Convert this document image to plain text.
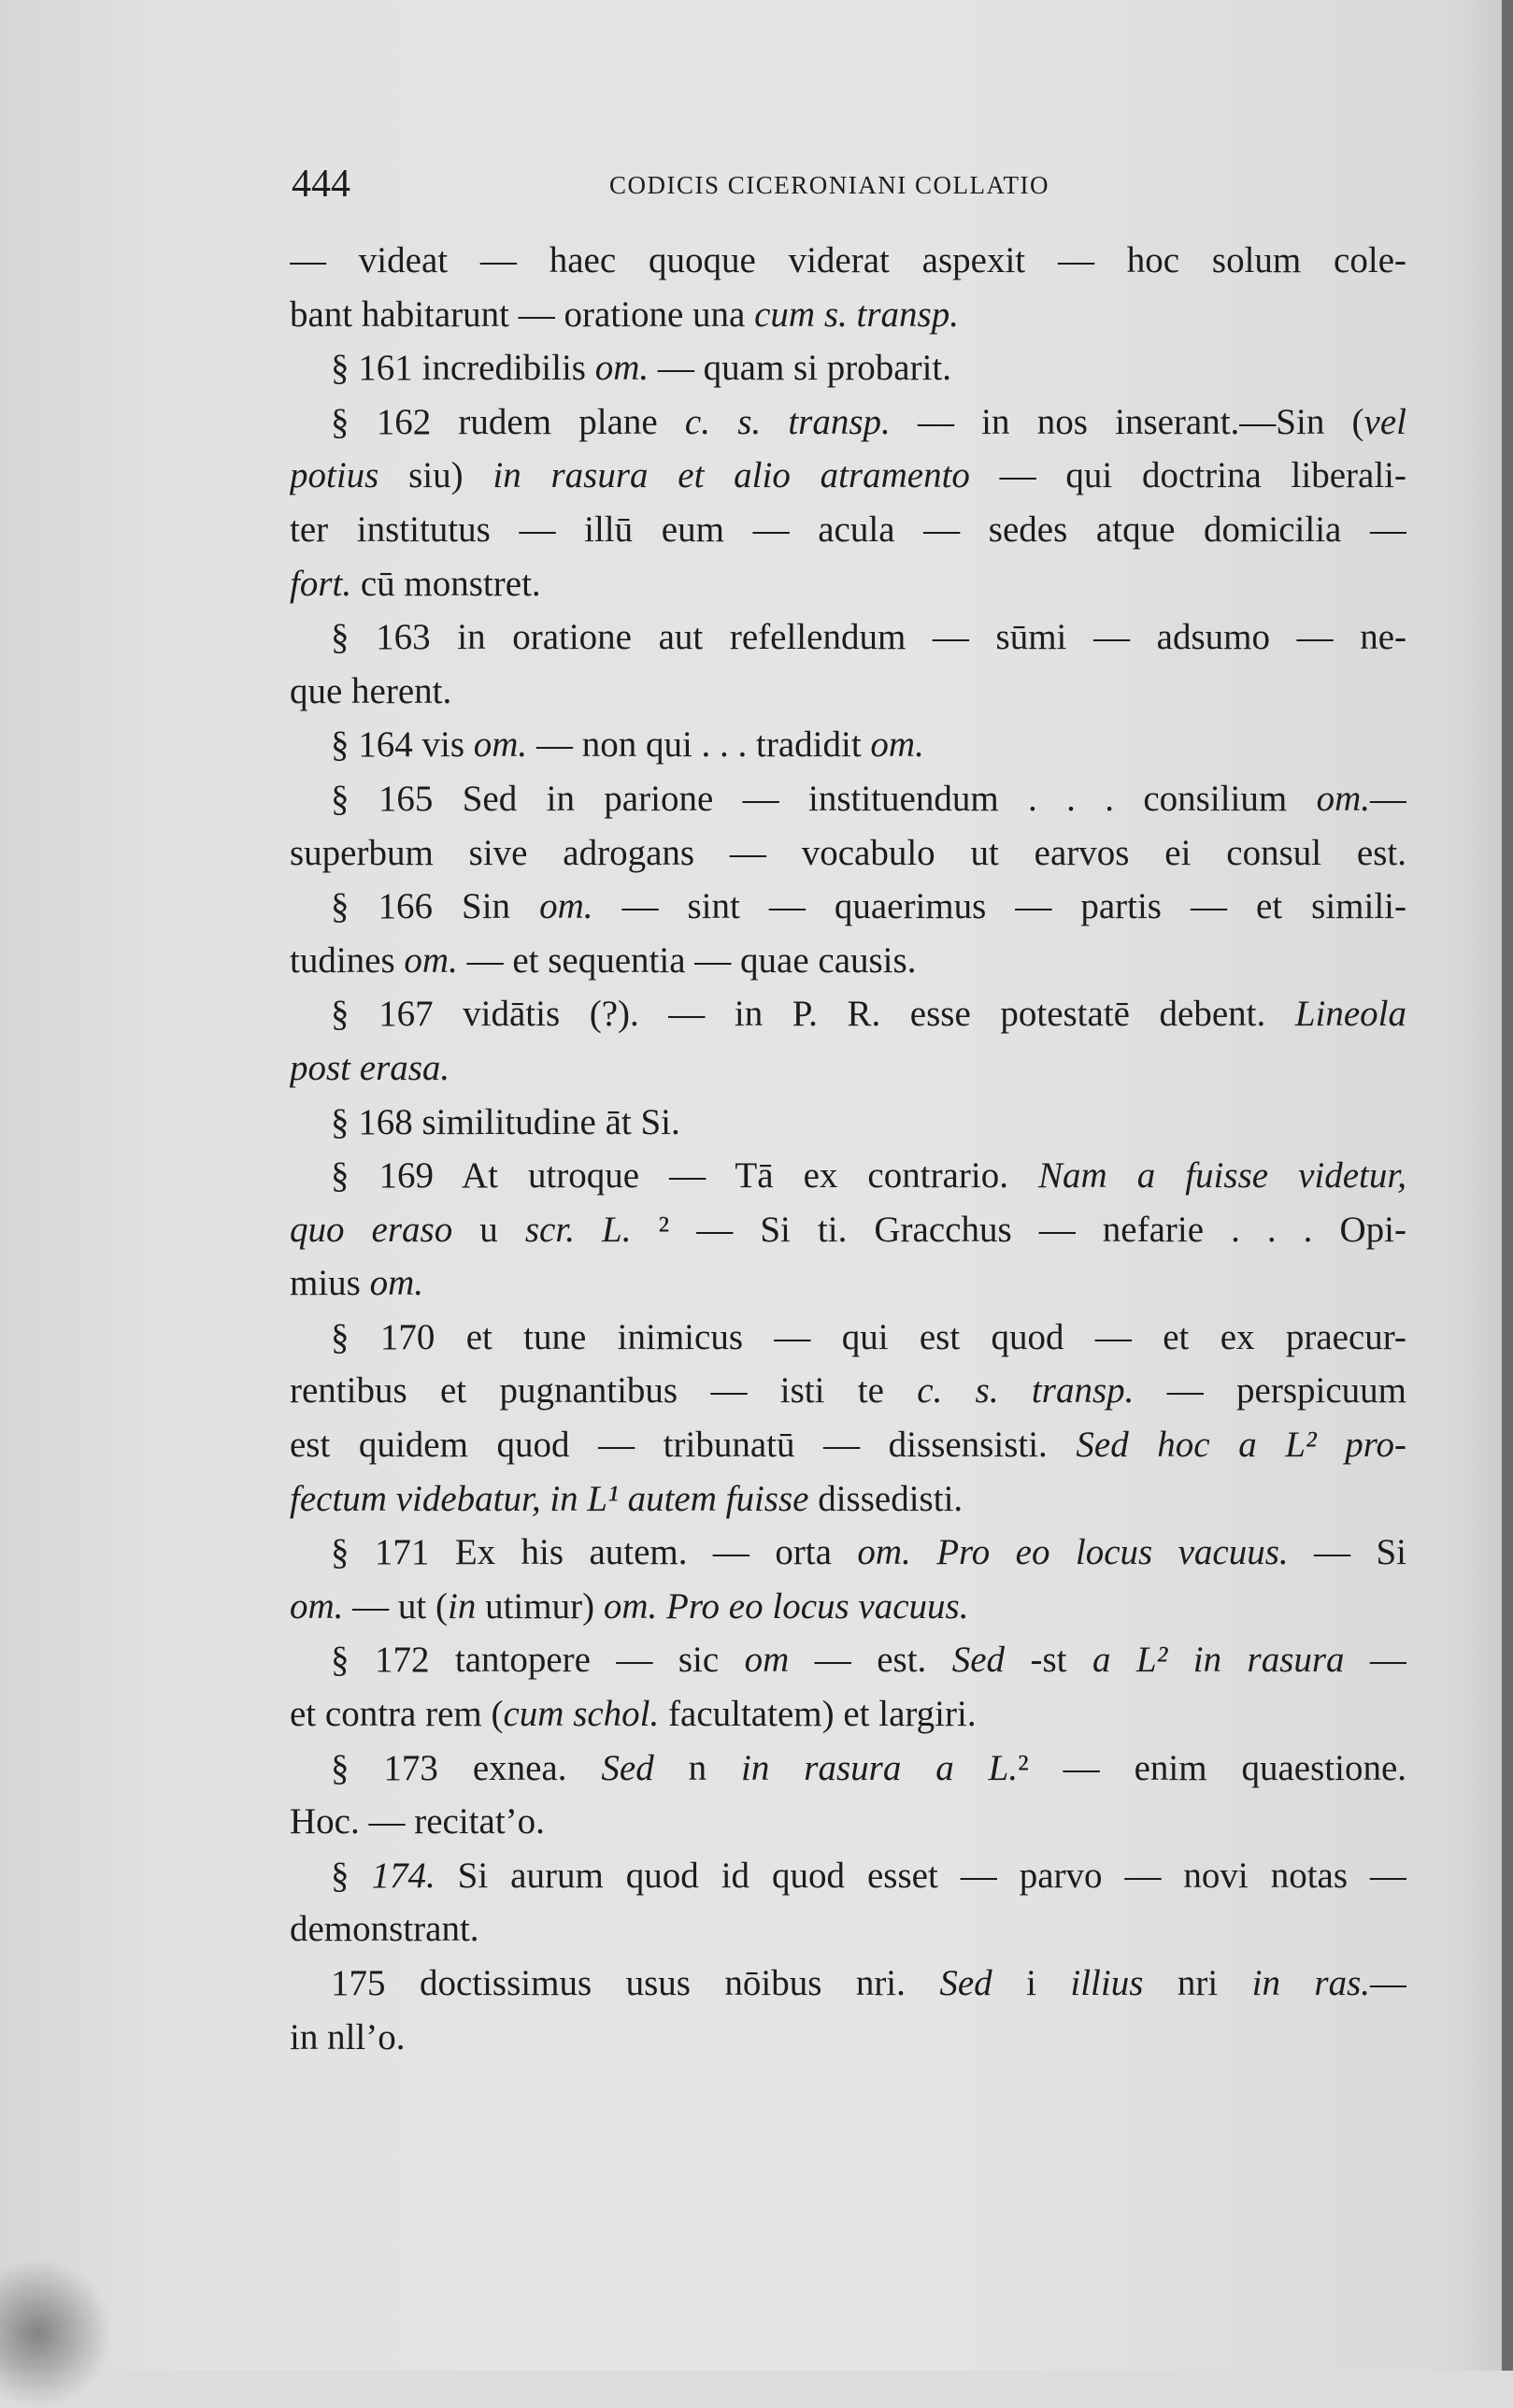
444	CODICIS CICERONIANI COLLATIO
— videat — haec quoque viderat aspexit — hoc solum cole-
bant habitarunt — oratione una cum s. transp.
§ 161 incredibilis om. — quam si probarit.
§ 162 rudem plane c. s. transp. — in nos inserant.—Sin (vel
potius siu) in rasura et alio atramento — qui doctrina liberali-
ter institutus — illū eum — acula — sedes atque domicilia —
fort. cū monstret.
§ 163 in oratione aut refellendum — sūmi — adsumo — ne-
que herent.
§ 164 vis om. — non qui . . . tradidit om.
§ 165 Sed in parione — instituendum . . . consilium om.—
superbum sive adrogans — vocabulo ut earvos ei consul est.
§ 166 Sin om. — sint — quaerimus — partis — et simili-
tudines om. — et sequentia — quae causis.
§ 167 vidātis (?). — in P. R. esse potestatē debent. Lineola
post erasa.
§ 168 similitudine āt Si.
§ 169 At utroque — Tā ex contrario. Nam a fuisse videtur,
quo eraso u scr. L. ² — Si ti. Gracchus — nefarie . . . Opi-
mius om.
§ 170 et tune inimicus — qui est quod — et ex praecur-
rentibus et pugnantibus — isti te c. s. transp. — perspicuum
est quidem quod — tribunatū — dissensisti. Sed hoc a L² pro-
fectum videbatur, in L¹ autem fuisse dissedisti.
§ 171 Ex his autem. — orta om. Pro eo locus vacuus. — Si
om. — ut (in utimur) om. Pro eo locus vacuus.
§ 172 tantopere — sic om — est. Sed -st a L² in rasura —
et contra rem (cum schol. facultatem) et largiri.
§ 173 exnea. Sed n in rasura a L.² — enim quaestione.
Hoc. — recitat’o.
§ 174. Si aurum quod id quod esset — parvo — novi notas —
demonstrant.
175 doctissimus usus nōibus nri. Sed i illius nri in ras.—
in nll’o.
